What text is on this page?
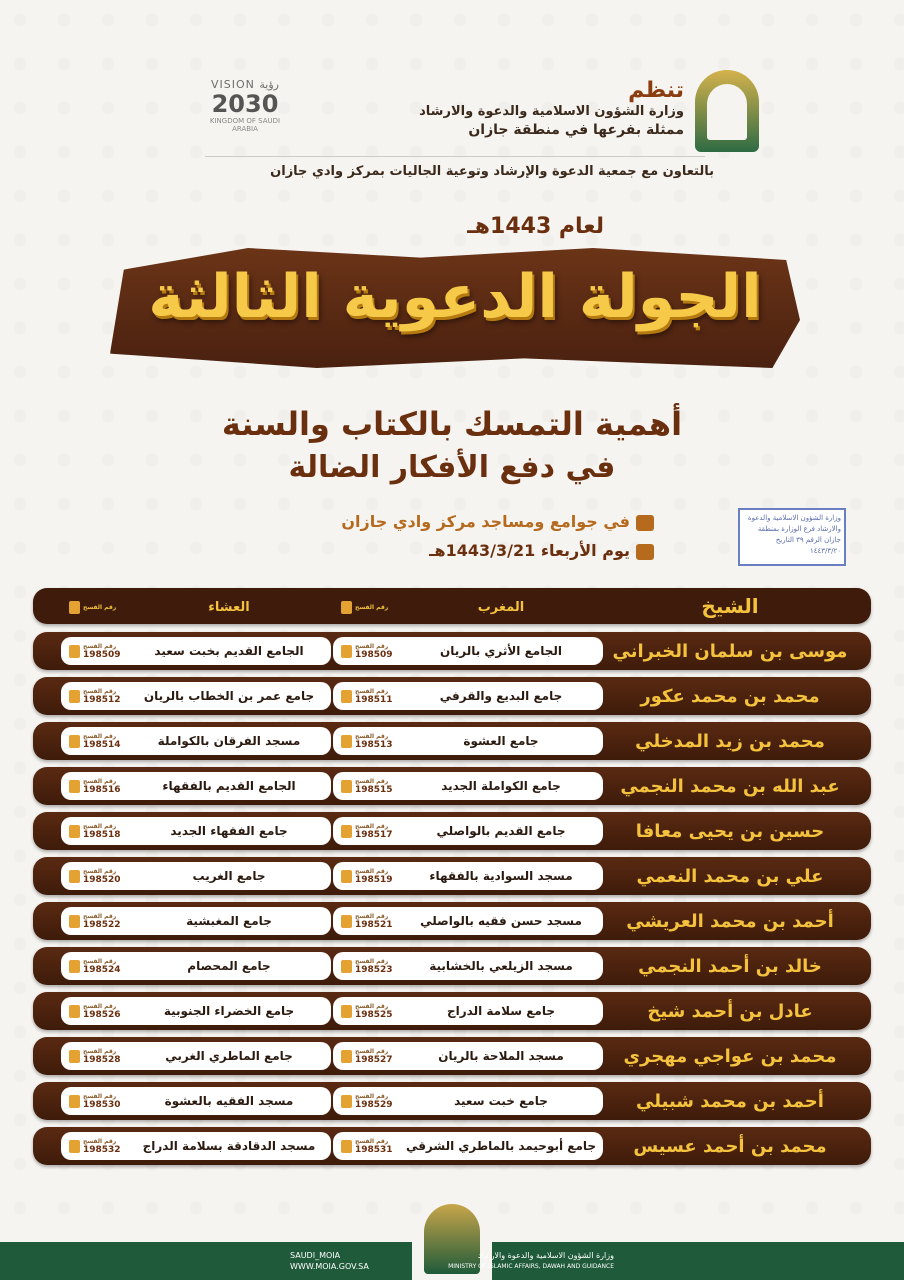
تنظم
وزارة الشؤون الاسلامية والدعوة والارشاد
ممثلة بفرعها في منطقة جازان
VISION رؤية
2030
KINGDOM OF SAUDI ARABIA
بالتعاون مع جمعية الدعوة والإرشاد وتوعية الجاليات بمركز وادي جازان
لعام 1443هـ
الجولة الدعوية الثالثة
أهمية التمسك بالكتاب والسنة
في دفع الأفكار الضالة
في جوامع ومساجد مركز وادي جازان
يوم الأربعاء 1443/3/21هـ
وزارة الشؤون الاسلامية والدعوة والارشاد فرع الوزارة بمنطقة جازان الرقم ٣٩ التاريخ ١٤٤٣/٣/٢٠
الشيخ
المغرب
رقم الفسح
العشاء
رقم الفسح
موسى بن سلمان الخبراني
الجامع الأثري بالريان
رقم الفسح
198509
الجامع القديم بخبت سعيد
رقم الفسح
198509
محمد بن محمد عكور
جامع البديع والقرفي
رقم الفسح
198511
جامع عمر بن الخطاب بالريان
رقم الفسح
198512
محمد بن زيد المدخلي
جامع العشوة
رقم الفسح
198513
مسجد الفرقان بالكواملة
رقم الفسح
198514
عبد الله بن محمد النجمي
جامع الكواملة الجديد
رقم الفسح
198515
الجامع القديم بالفقهاء
رقم الفسح
198516
حسين بن يحيى معافا
جامع القديم بالواصلي
رقم الفسح
198517
جامع الفقهاء الجديد
رقم الفسح
198518
علي بن محمد النعمي
مسجد السوادية بالفقهاء
رقم الفسح
198519
جامع الغريب
رقم الفسح
198520
أحمد بن محمد العريشي
مسجد حسن فقيه بالواصلي
رقم الفسح
198521
جامع المغبشية
رقم الفسح
198522
خالد بن أحمد النجمي
مسجد الزيلعي بالخشابية
رقم الفسح
198523
جامع المحصام
رقم الفسح
198524
عادل بن أحمد شيخ
جامع سلامة الدراج
رقم الفسح
198525
جامع الخضراء الجنوبية
رقم الفسح
198526
محمد بن عواجي مهجري
مسجد الملاحة بالريان
رقم الفسح
198527
جامع الماطري الغربي
رقم الفسح
198528
أحمد بن محمد شبيلي
جامع خبت سعيد
رقم الفسح
198529
مسجد الفقيه بالعشوة
رقم الفسح
198530
محمد بن أحمد عسيس
جامع أبوحيمد بالماطري الشرقي
رقم الفسح
198531
مسجد الدقادقة بسلامة الدراج
رقم الفسح
198532
وزارة الشؤون الاسلامية والدعوة والارشاد
MINISTRY OF ISLAMIC AFFAIRS, DAWAH AND GUIDANCE
SAUDI_MOIA
WWW.MOIA.GOV.SA
